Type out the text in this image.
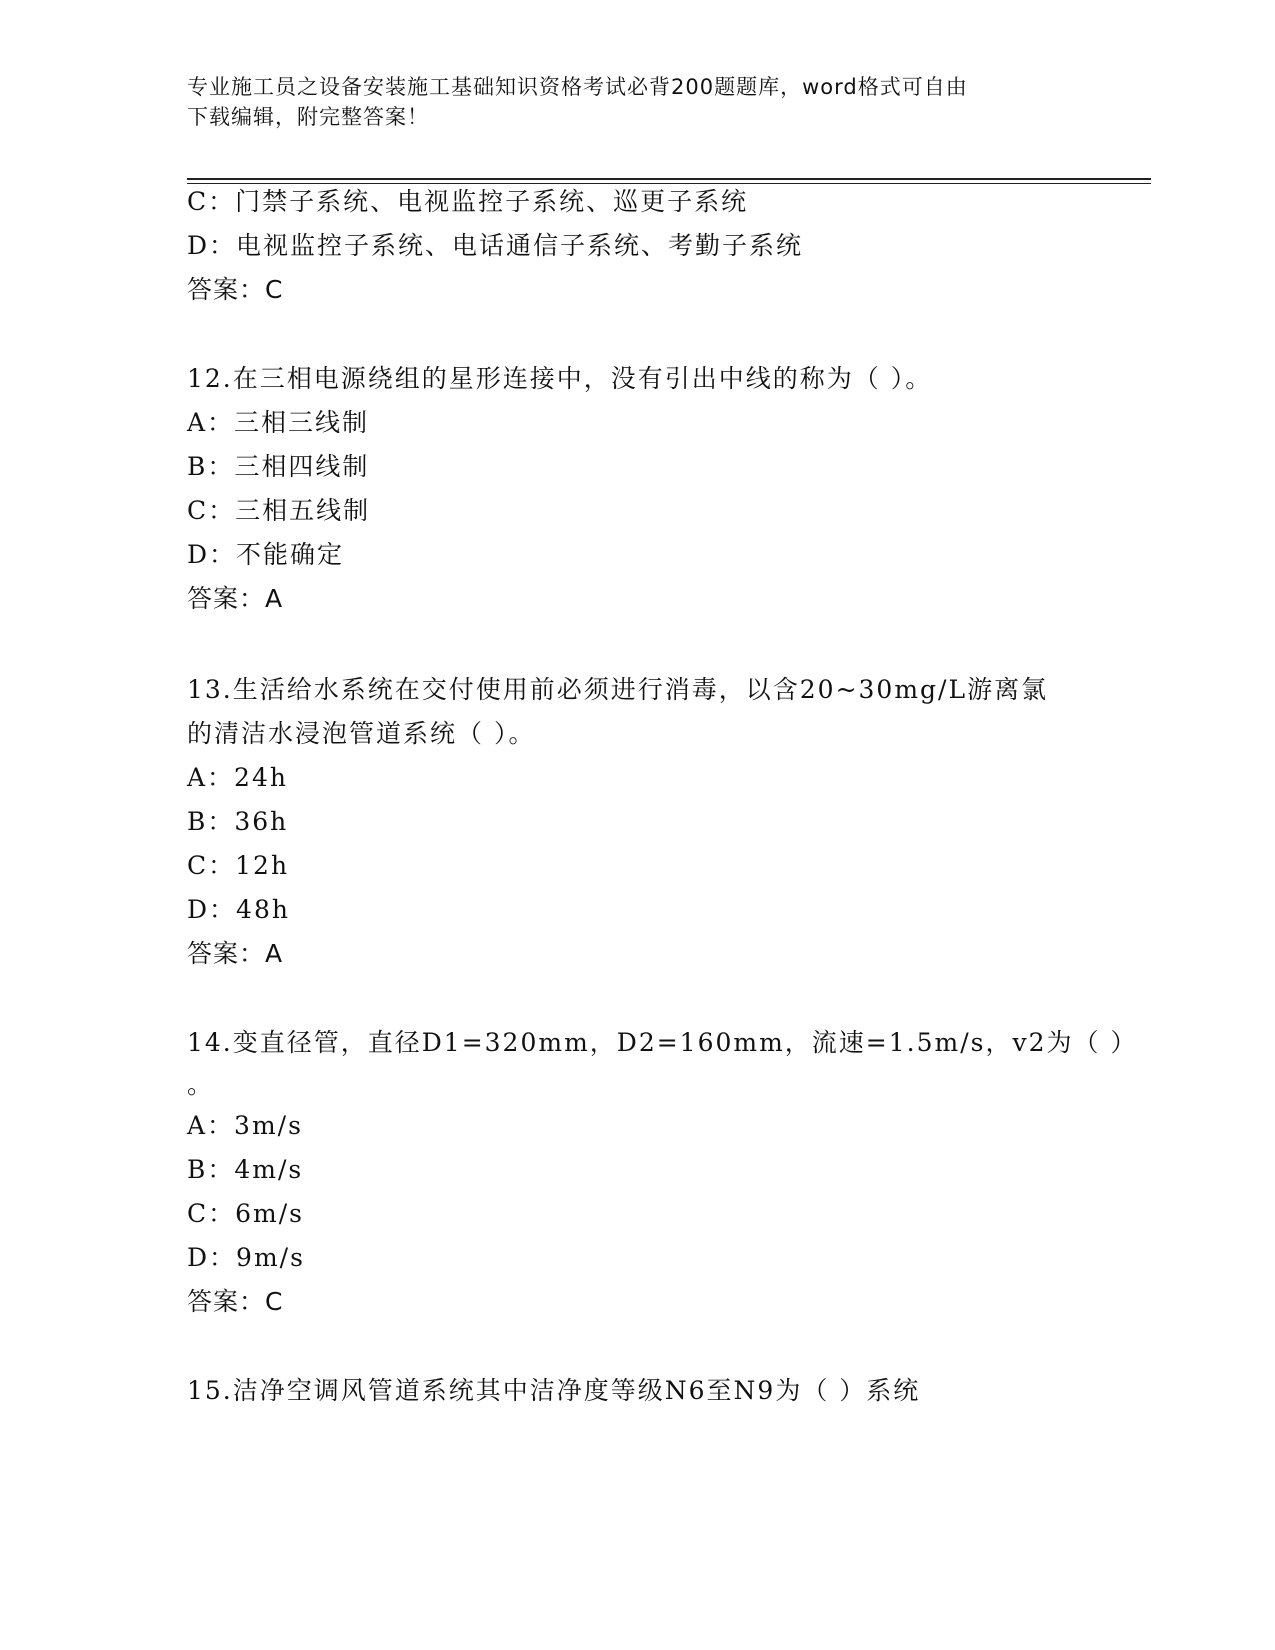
专业施工员之设备安装施工基础知识资格考试必背200题题库，word格式可自由
下载编辑，附完整答案！
C：门禁子系统、电视监控子系统、巡更子系统
D：电视监控子系统、电话通信子系统、考勤子系统
答案：C
12.在三相电源绕组的星形连接中，没有引出中线的称为（ ）。
A：三相三线制
B：三相四线制
C：三相五线制
D：不能确定
答案：A
13.生活给水系统在交付使用前必须进行消毒，以含20~30mg/L游离氯
的清洁水浸泡管道系统（ ）。
A：24h
B：36h
C：12h
D：48h
答案：A
14.变直径管，直径D1=320mm，D2=160mm，流速=1.5m/s，v2为（ ）
。
A：3m/s
B：4m/s
C：6m/s
D：9m/s
答案：C
15.洁净空调风管道系统其中洁净度等级N6至N9为（ ）系统
